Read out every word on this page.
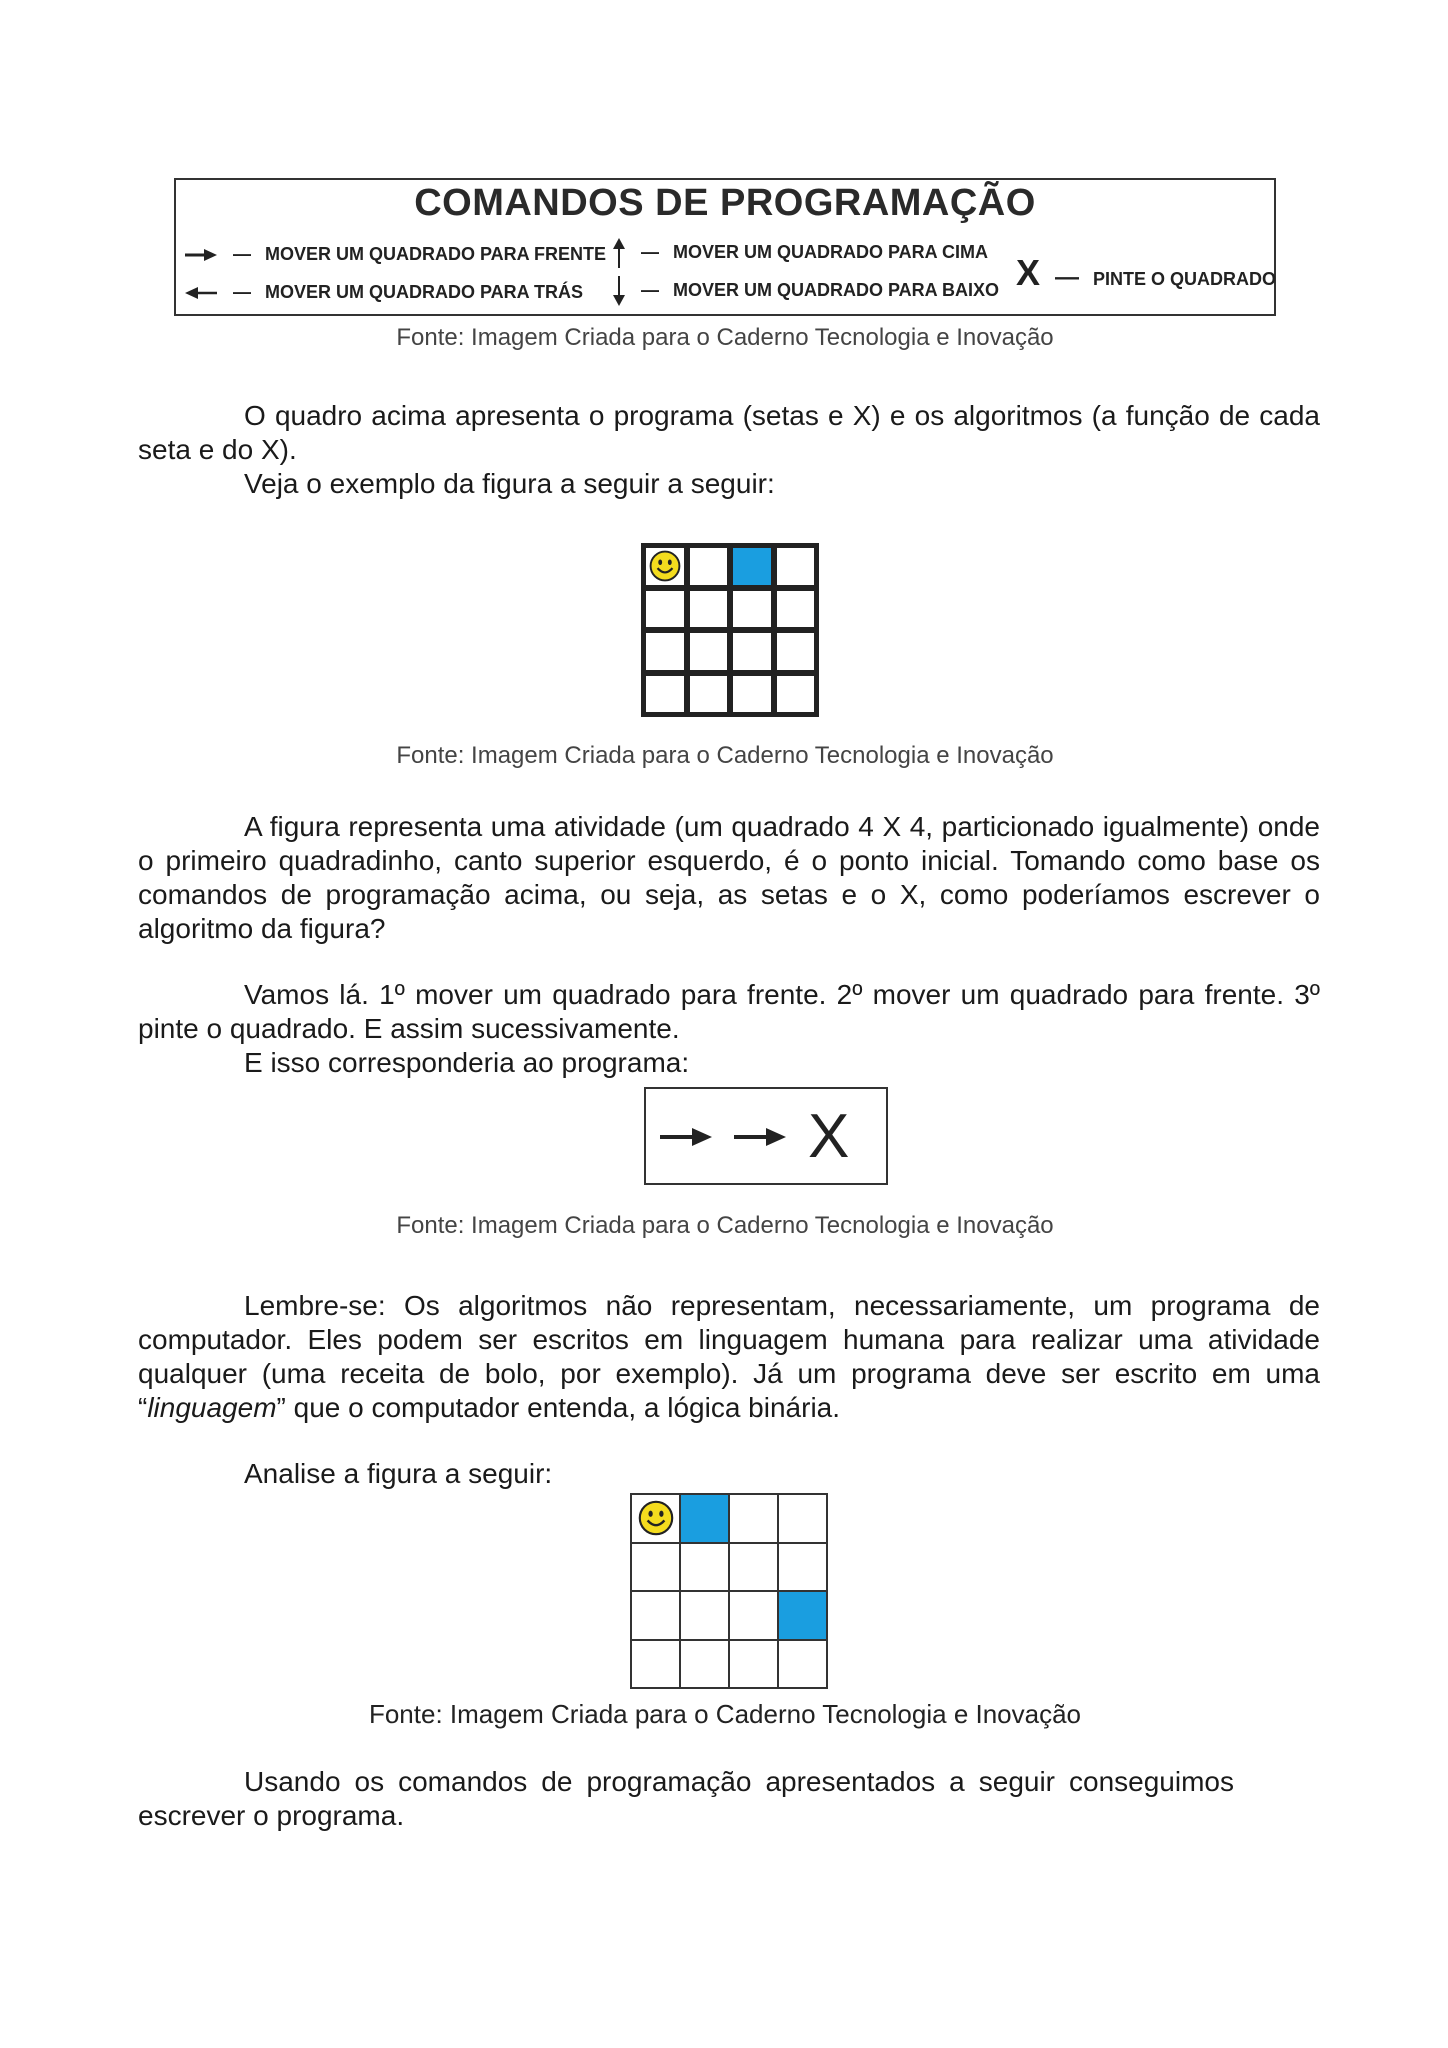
COMANDOS DE PROGRAMAÇÃO
— MOVER UM QUADRADO PARA FRENTE
— MOVER UM QUADRADO PARA TRÁS
— MOVER UM QUADRADO PARA CIMA
— MOVER UM QUADRADO PARA BAIXO X — PINTE O QUADRADO
Fonte: Imagem Criada para o Caderno Tecnologia e Inovação
O quadro acima apresenta o programa (setas e X) e os algoritmos (a função de cada seta e do X).
Veja o exemplo da figura a seguir a seguir:
Fonte: Imagem Criada para o Caderno Tecnologia e Inovação
A figura representa uma atividade (um quadrado 4 X 4, particionado igualmente) onde o primeiro quadradinho, canto superior esquerdo, é o ponto inicial. Tomando como base os comandos de programação acima, ou seja, as setas e o X, como poderíamos escrever o algoritmo da figura?
Vamos lá. 1º mover um quadrado para frente. 2º mover um quadrado para frente. 3º pinte o quadrado. E assim sucessivamente.
E isso corresponderia ao programa:
X
Fonte: Imagem Criada para o Caderno Tecnologia e Inovação
Lembre-se: Os algoritmos não representam, necessariamente, um programa de computador. Eles podem ser escritos em linguagem humana para realizar uma atividade qualquer (uma receita de bolo, por exemplo). Já um programa deve ser escrito em uma “linguagem” que o computador entenda, a lógica binária.
Analise a figura a seguir:
Fonte: Imagem Criada para o Caderno Tecnologia e Inovação
Usando os comandos de programação apresentados a seguir conseguimos escrever o programa.
